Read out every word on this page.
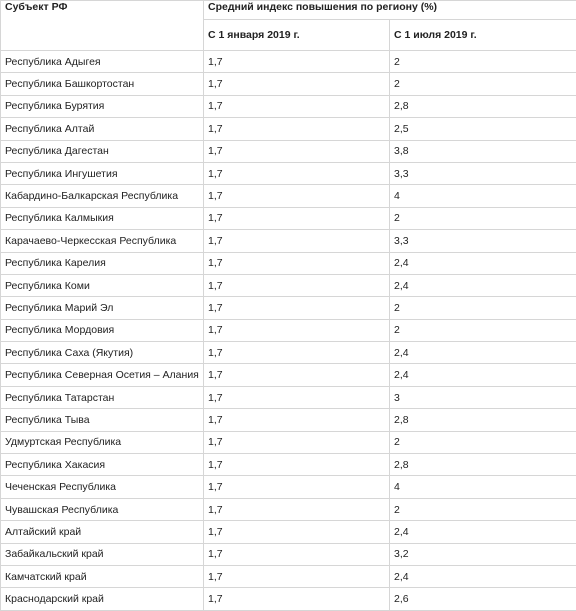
Субъект РФ	Средний индекс повышения по региону (%)	
	С 1 января 2019 г.	С 1 июля 2019 г.
Республика Адыгея	1,7	2
Республика Башкортостан	1,7	2
Республика Бурятия	1,7	2,8
Республика Алтай	1,7	2,5
Республика Дагестан	1,7	3,8
Республика Ингушетия	1,7	3,3
Кабардино-Балкарская Республика	1,7	4
Республика Калмыкия	1,7	2
Карачаево-Черкесская Республика	1,7	3,3
Республика Карелия	1,7	2,4
Республика Коми	1,7	2,4
Республика Марий Эл	1,7	2
Республика Мордовия	1,7	2
Республика Саха (Якутия)	1,7	2,4
Республика Северная Осетия – Алания	1,7	2,4
Республика Татарстан	1,7	3
Республика Тыва	1,7	2,8
Удмуртская Республика	1,7	2
Республика Хакасия	1,7	2,8
Чеченская Республика	1,7	4
Чувашская Республика	1,7	2
Алтайский край	1,7	2,4
Забайкальский край	1,7	3,2
Камчатский край	1,7	2,4
Краснодарский край	1,7	2,6
